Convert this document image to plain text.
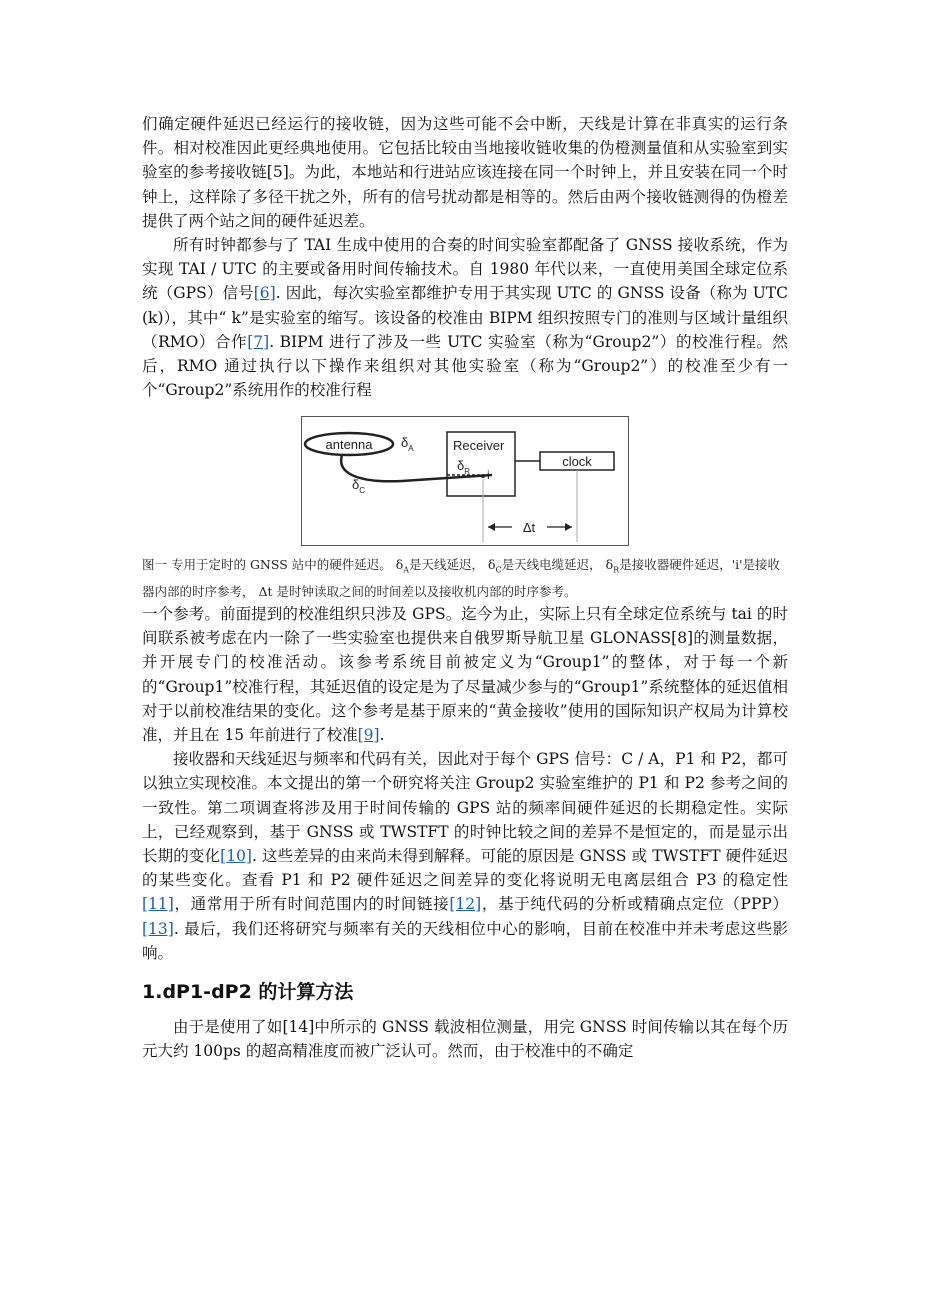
们确定硬件延迟已经运行的接收链，因为这些可能不会中断，天线是计算在非真实的运行条件。相对校准因此更经典地使用。它包括比较由当地接收链收集的伪橙测量值和从实验室到实验室的参考接收链[5]。为此，本地站和行进站应该连接在同一个时钟上，并且安装在同一个时钟上，这样除了多径干扰之外，所有的信号扰动都是相等的。然后由两个接收链测得的伪橙差提供了两个站之间的硬件延迟差。

所有时钟都参与了 TAI 生成中使用的合奏的时间实验室都配备了 GNSS 接收系统，作为实现 TAI / UTC 的主要或备用时间传输技术。自 1980 年代以来，一直使用美国全球定位系统（GPS）信号[6]. 因此，每次实验室都维护专用于其实现 UTC 的 GNSS 设备（称为 UTC (k)），其中“ k”是实验室的缩写。该设备的校准由 BIPM 组织按照专门的准则与区域计量组织（RMO）合作[7]. BIPM 进行了涉及一些 UTC 实验室（称为“Group2”）的校准行程。然后，RMO 通过执行以下操作来组织对其他实验室（称为“Group2”）的校准至少有一个“Group2”系统用作的校准行程

antenna $\delta_A$
$\delta_C$
Receiver
$\delta_R$ i
clock
Δt
图一 专用于定时的 GNSS 站中的硬件延迟。 $\delta_A$是天线延迟， $\delta_C$是天线电缆延迟， $\delta_R$是接收器硬件延迟，'i'是接收器内部的时序参考， Δt 是时钟读取之间的时间差以及接收机内部的时序参考。

一个参考。前面提到的校准组织只涉及 GPS。迄今为止，实际上只有全球定位系统与 tai 的时间联系被考虑在内一除了一些实验室也提供来自俄罗斯导航卫星 GLONASS[8]的测量数据，并开展专门的校准活动。该参考系统目前被定义为“Group1”的整体，对于每一个新的“Group1”校准行程，其延迟值的设定是为了尽量减少参与的“Group1”系统整体的延迟值相对于以前校准结果的变化。这个参考是基于原来的“黄金接收”使用的国际知识产权局为计算校准，并且在 15 年前进行了校准[9].

接收器和天线延迟与频率和代码有关，因此对于每个 GPS 信号：C / A，P1 和 P2，都可以独立实现校准。本文提出的第一个研究将关注 Group2 实验室维护的 P1 和 P2 参考之间的一致性。第二项调查将涉及用于时间传输的 GPS 站的频率间硬件延迟的长期稳定性。实际上，已经观察到，基于 GNSS 或 TWSTFT 的时钟比较之间的差异不是恒定的，而是显示出长期的变化[10]. 这些差异的由来尚未得到解释。可能的原因是 GNSS 或 TWSTFT 硬件延迟的某些变化。查看 P1 和 P2 硬件延迟之间差异的变化将说明无电离层组合 P3 的稳定性[11]，通常用于所有时间范围内的时间链接[12]，基于纯代码的分析或精确点定位（PPP）[13]. 最后，我们还将研究与频率有关的天线相位中心的影响，目前在校准中并未考虑这些影响。

1.dP1-dP2 的计算方法

由于是使用了如[14]中所示的 GNSS 载波相位测量，用完 GNSS 时间传输以其在每个历元大约 100ps 的超高精准度而被广泛认可。然而，由于校准中的不确定
